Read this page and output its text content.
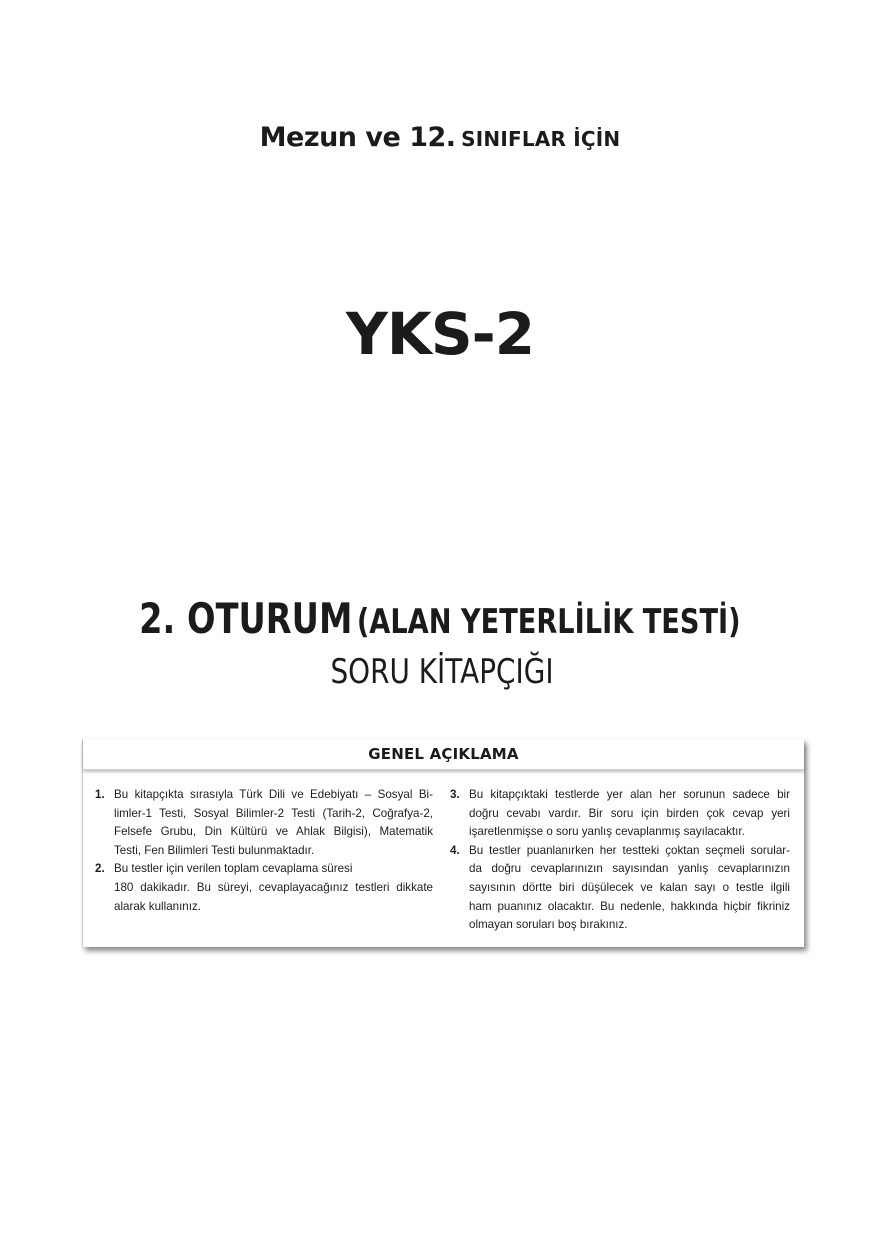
Mezun ve 12. SINIFLAR İÇİN
YKS-2
2. OTURUM (ALAN YETERLİLİK TESTİ)
SORU KİTAPÇIĞI
GENEL AÇIKLAMA
1. Bu kitapçıkta sırasıyla Türk Dili ve Edebiyatı – Sosyal Bi-
limler-1 Testi, Sosyal Bilimler-2 Testi (Tarih-2, Coğrafya-2,
Felsefe Grubu, Din Kültürü ve Ahlak Bilgisi), Matematik
Testi, Fen Bilimleri Testi bulunmaktadır.
2. Bu testler için verilen toplam cevaplama süresi
180 dakikadır. Bu süreyi, cevaplayacağınız testleri dikkate
alarak kullanınız.
3. Bu kitapçıktaki testlerde yer alan her sorunun sadece bir
doğru cevabı vardır. Bir soru için birden çok cevap yeri
işaretlenmişse o soru yanlış cevaplanmış sayılacaktır.
4. Bu testler puanlanırken her testteki çoktan seçmeli sorular-
da doğru cevaplarınızın sayısından yanlış cevaplarınızın
sayısının dörtte biri düşülecek ve kalan sayı o testle ilgili
ham puanınız olacaktır. Bu nedenle, hakkında hiçbir fikriniz
olmayan soruları boş bırakınız.
